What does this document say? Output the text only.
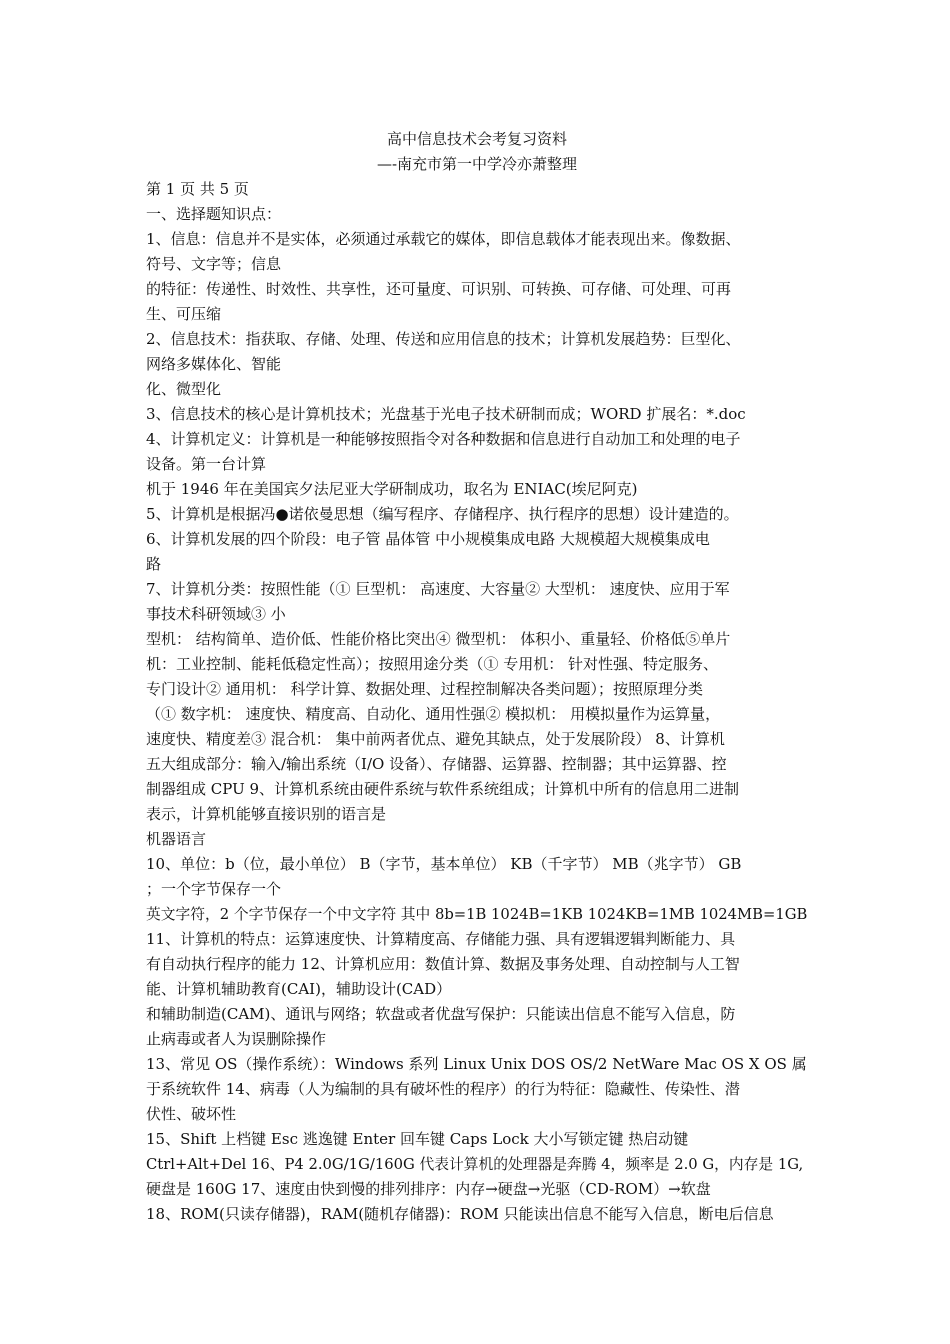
高中信息技术会考复习资料
—-南充市第一中学冷亦萧整理
第 1 页 共 5 页
一、选择题知识点：
1、信息：信息并不是实体，必须通过承载它的媒体，即信息载体才能表现出来。像数据、
符号、文字等；信息
的特征：传递性、时效性、共享性，还可量度、可识别、可转换、可存储、可处理、可再
生、可压缩
2、信息技术：指获取、存储、处理、传送和应用信息的技术；计算机发展趋势：巨型化、
网络多媒体化、智能
化、微型化
3、信息技术的核心是计算机技术；光盘基于光电子技术研制而成；WORD 扩展名：*.doc
4、计算机定义：计算机是一种能够按照指令对各种数据和信息进行自动加工和处理的电子
设备。第一台计算
机于 1946 年在美国宾夕法尼亚大学研制成功，取名为 ENIAC(埃尼阿克)
5、计算机是根据冯●诺依曼思想（编写程序、存储程序、执行程序的思想）设计建造的。
6、计算机发展的四个阶段：电子管 晶体管 中小规模集成电路 大规模超大规模集成电
路
7、计算机分类：按照性能（① 巨型机： 高速度、大容量② 大型机： 速度快、应用于军
事技术科研领域③ 小
型机： 结构简单、造价低、性能价格比突出④ 微型机： 体积小、重量轻、价格低⑤单片
机：工业控制、能耗低稳定性高）；按照用途分类（① 专用机： 针对性强、特定服务、
专门设计② 通用机： 科学计算、数据处理、过程控制解决各类问题）；按照原理分类
（① 数字机： 速度快、精度高、自动化、通用性强② 模拟机： 用模拟量作为运算量，
速度快、精度差③ 混合机： 集中前两者优点、避免其缺点，处于发展阶段） 8、计算机
五大组成部分：输入/输出系统（I/O 设备）、存储器、运算器、控制器；其中运算器、控
制器组成 CPU 9、计算机系统由硬件系统与软件系统组成；计算机中所有的信息用二进制
表示，计算机能够直接识别的语言是
机器语言
10、单位：b（位，最小单位） B（字节，基本单位） KB（千字节） MB（兆字节） GB
；一个字节保存一个
英文字符，2 个字节保存一个中文字符 其中 8b=1B 1024B=1KB 1024KB=1MB 1024MB=1GB
11、计算机的特点：运算速度快、计算精度高、存储能力强、具有逻辑逻辑判断能力、具
有自动执行程序的能力 12、计算机应用：数值计算、数据及事务处理、自动控制与人工智
能、计算机辅助教育(CAI)，辅助设计(CAD）
和辅助制造(CAM)、通讯与网络；软盘或者优盘写保护：只能读出信息不能写入信息，防
止病毒或者人为误删除操作
13、常见 OS（操作系统）：Windows 系列 Linux Unix DOS OS/2 NetWare Mac OS X OS 属
于系统软件 14、病毒（人为编制的具有破坏性的程序）的行为特征：隐藏性、传染性、潜
伏性、破坏性
15、Shift 上档键 Esc 逃逸键 Enter 回车键 Caps Lock 大小写锁定键 热启动键
Ctrl+Alt+Del 16、P4 2.0G/1G/160G 代表计算机的处理器是奔腾 4，频率是 2.0 G，内存是 1G,
硬盘是 160G 17、速度由快到慢的排列排序：内存→硬盘→光驱（CD-ROM）→软盘
18、ROM(只读存储器)，RAM(随机存储器)：ROM 只能读出信息不能写入信息，断电后信息
